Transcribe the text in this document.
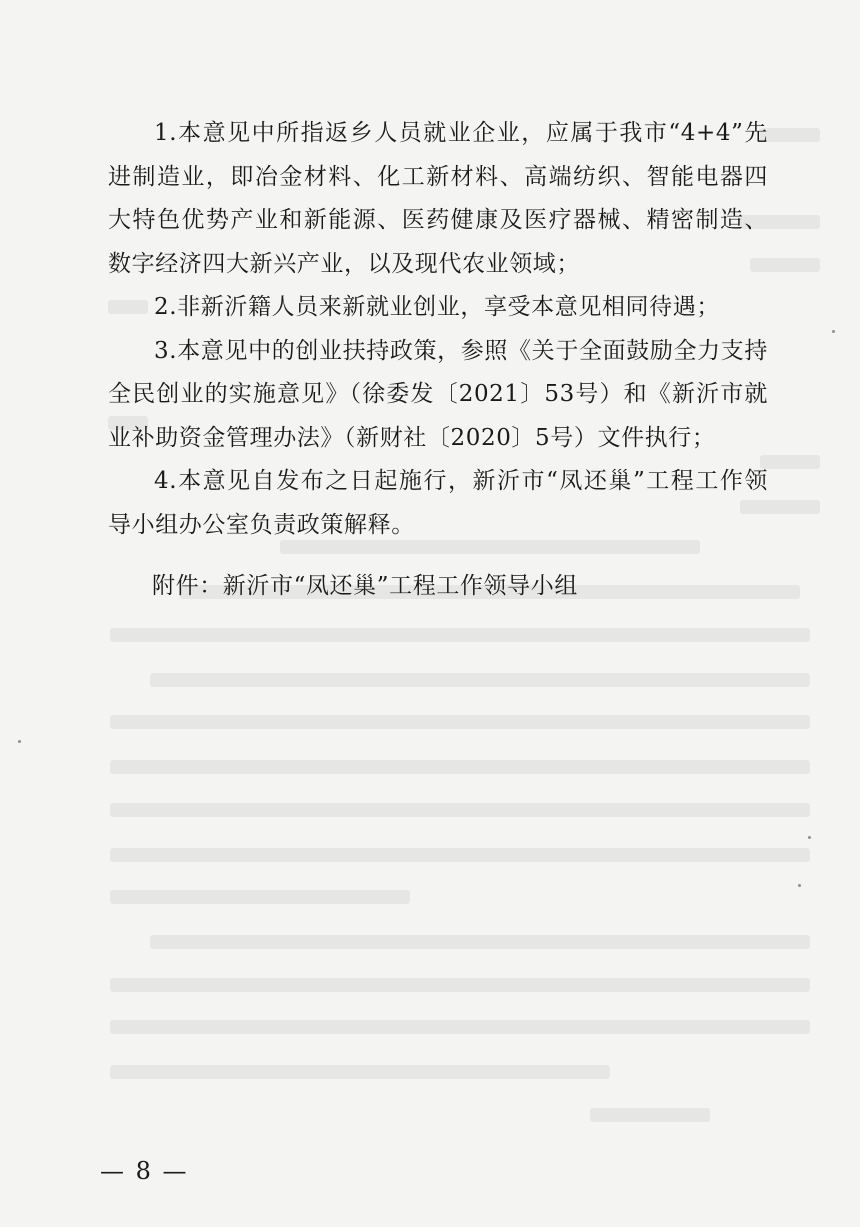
1.本意见中所指返乡人员就业企业，应属于我市“4+4”先进制造业，即冶金材料、化工新材料、高端纺织、智能电器四大特色优势产业和新能源、医药健康及医疗器械、精密制造、数字经济四大新兴产业，以及现代农业领域；

2.非新沂籍人员来新就业创业，享受本意见相同待遇；

3.本意见中的创业扶持政策，参照《关于全面鼓励全力支持全民创业的实施意见》（徐委发〔2021〕53号）和《新沂市就业补助资金管理办法》（新财社〔2020〕5号）文件执行；

4.本意见自发布之日起施行，新沂市“凤还巢”工程工作领导小组办公室负责政策解释。

附件：新沂市“凤还巢”工程工作领导小组
— 8 —
